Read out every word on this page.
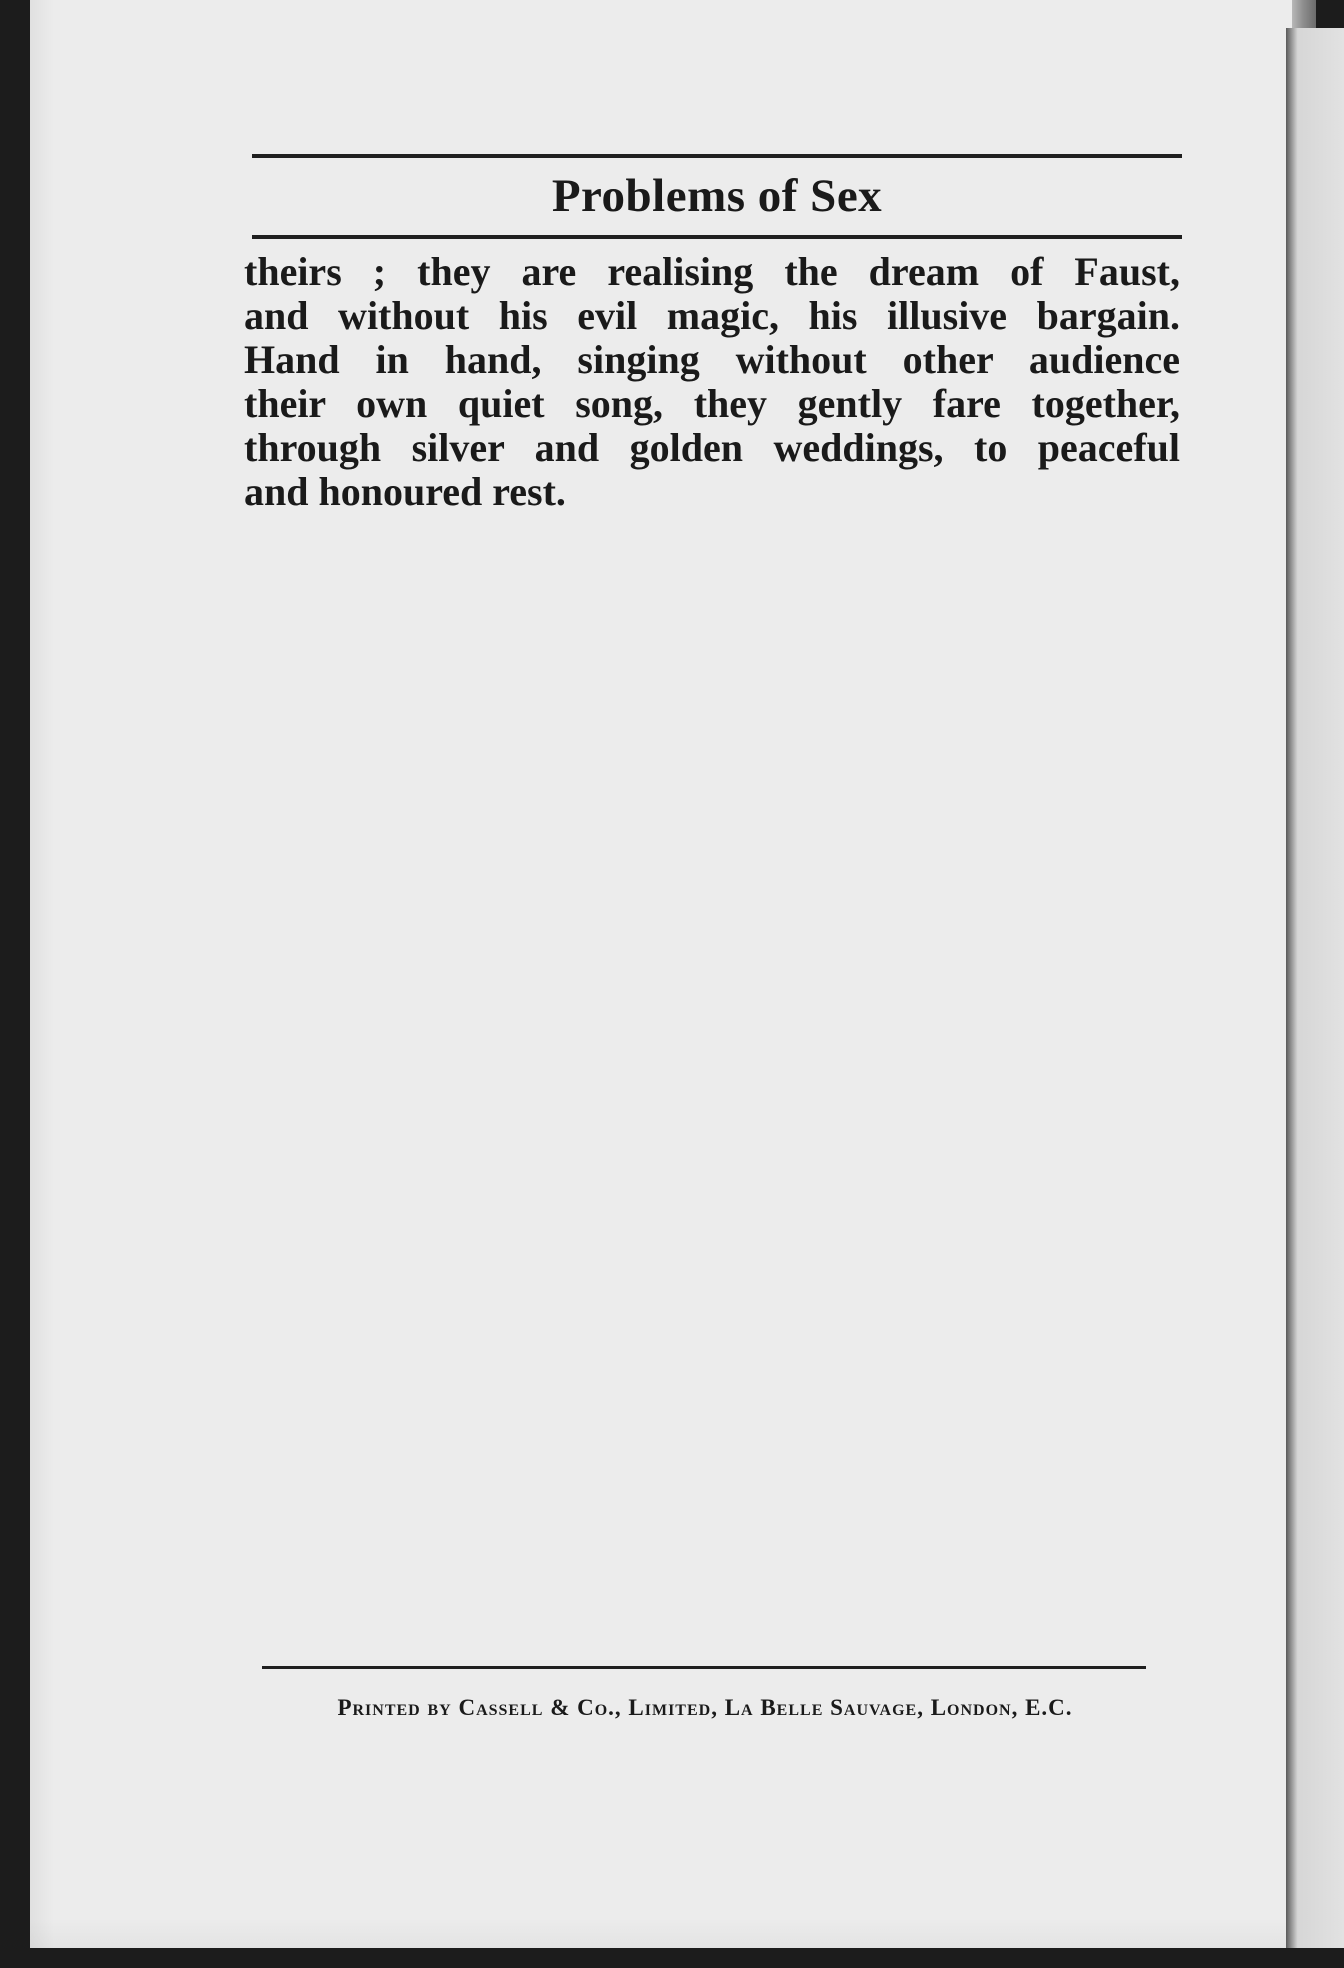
Problems of Sex
theirs ; they are realising the dream of Faust,
and without his evil magic, his illusive bargain.
Hand in hand, singing without other audience
their own quiet song, they gently fare together,
through silver and golden weddings, to peaceful
and honoured rest.
Printed by Cassell & Co., Limited, La Belle Sauvage, London, E.C.
